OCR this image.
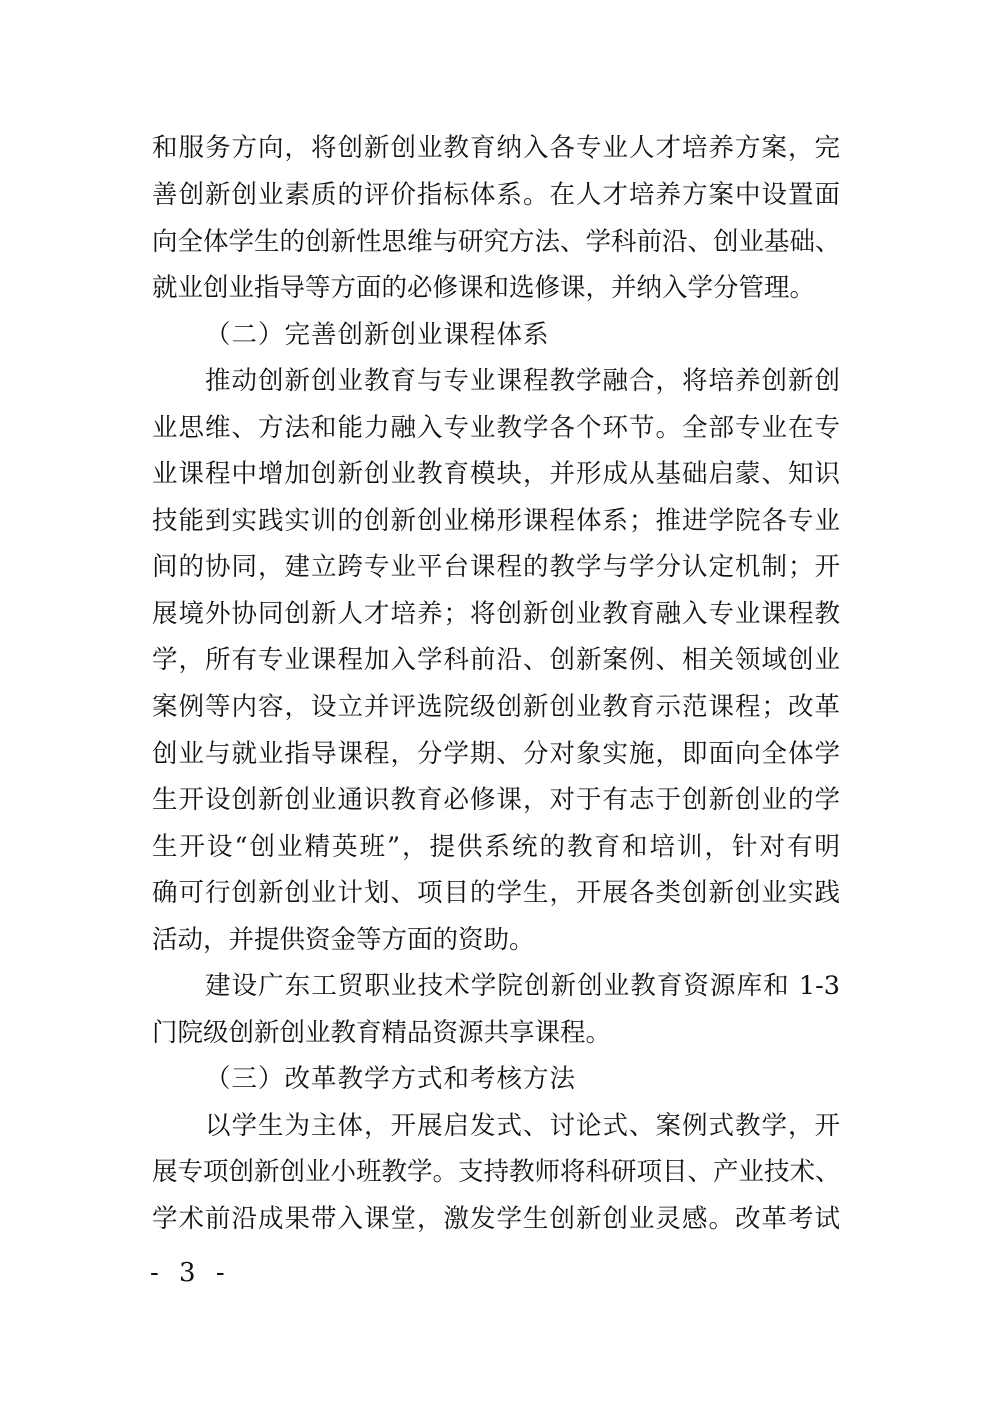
和服务方向，将创新创业教育纳入各专业人才培养方案，完
善创新创业素质的评价指标体系。在人才培养方案中设置面
向全体学生的创新性思维与研究方法、学科前沿、创业基础、
就业创业指导等方面的必修课和选修课，并纳入学分管理。
（二）完善创新创业课程体系
推动创新创业教育与专业课程教学融合，将培养创新创
业思维、方法和能力融入专业教学各个环节。全部专业在专
业课程中增加创新创业教育模块，并形成从基础启蒙、知识
技能到实践实训的创新创业梯形课程体系；推进学院各专业
间的协同，建立跨专业平台课程的教学与学分认定机制；开
展境外协同创新人才培养；将创新创业教育融入专业课程教
学，所有专业课程加入学科前沿、创新案例、相关领域创业
案例等内容，设立并评选院级创新创业教育示范课程；改革
创业与就业指导课程，分学期、分对象实施，即面向全体学
生开设创新创业通识教育必修课，对于有志于创新创业的学
生开设“创业精英班”，提供系统的教育和培训，针对有明
确可行创新创业计划、项目的学生，开展各类创新创业实践
活动，并提供资金等方面的资助。
建设广东工贸职业技术学院创新创业教育资源库和 1-3
门院级创新创业教育精品资源共享课程。
（三）改革教学方式和考核方法
以学生为主体，开展启发式、讨论式、案例式教学，开
展专项创新创业小班教学。支持教师将科研项目、产业技术、
学术前沿成果带入课堂，激发学生创新创业灵感。改革考试
- 3 -
